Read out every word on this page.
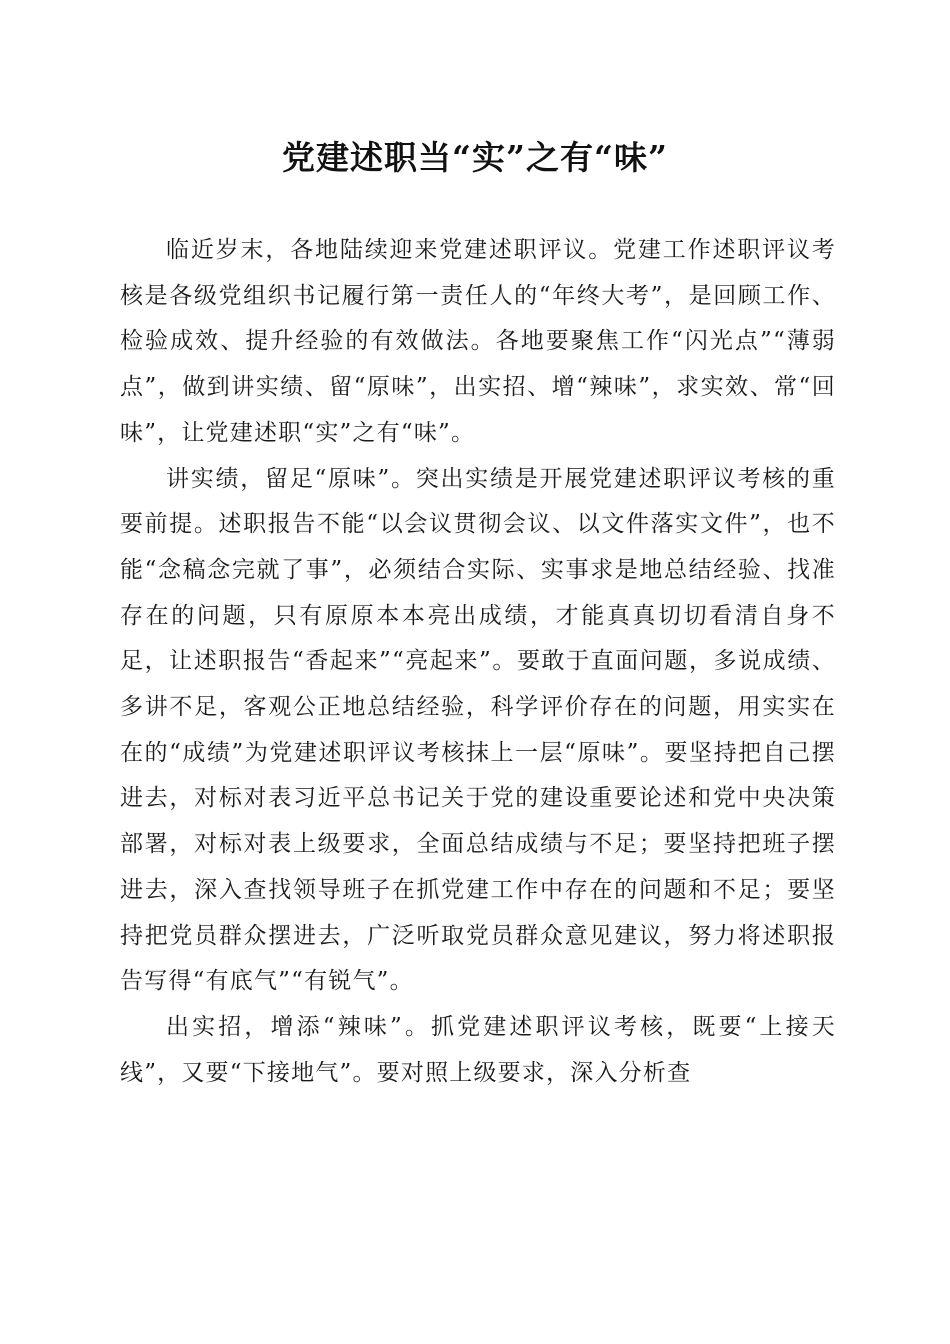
党建述职当“实”之有“味”

临近岁末，各地陆续迎来党建述职评议。党建工作述职评议考核是各级党组织书记履行第一责任人的“年终大考”，是回顾工作、检验成效、提升经验的有效做法。各地要聚焦工作“闪光点”“薄弱点”，做到讲实绩、留“原味”，出实招、增“辣味”，求实效、常“回味”，让党建述职“实”之有“味”。

讲实绩，留足“原味”。突出实绩是开展党建述职评议考核的重要前提。述职报告不能“以会议贯彻会议、以文件落实文件”，也不能“念稿念完就了事”，必须结合实际、实事求是地总结经验、找准存在的问题，只有原原本本亮出成绩，才能真真切切看清自身不足，让述职报告“香起来”“亮起来”。要敢于直面问题，多说成绩、多讲不足，客观公正地总结经验，科学评价存在的问题，用实实在在的“成绩”为党建述职评议考核抹上一层“原味”。要坚持把自己摆进去，对标对表习近平总书记关于党的建设重要论述和党中央决策部署，对标对表上级要求，全面总结成绩与不足；要坚持把班子摆进去，深入查找领导班子在抓党建工作中存在的问题和不足；要坚持把党员群众摆进去，广泛听取党员群众意见建议，努力将述职报告写得“有底气”“有锐气”。

出实招，增添“辣味”。抓党建述职评议考核，既要“上接天线”，又要“下接地气”。要对照上级要求，深入分析查
